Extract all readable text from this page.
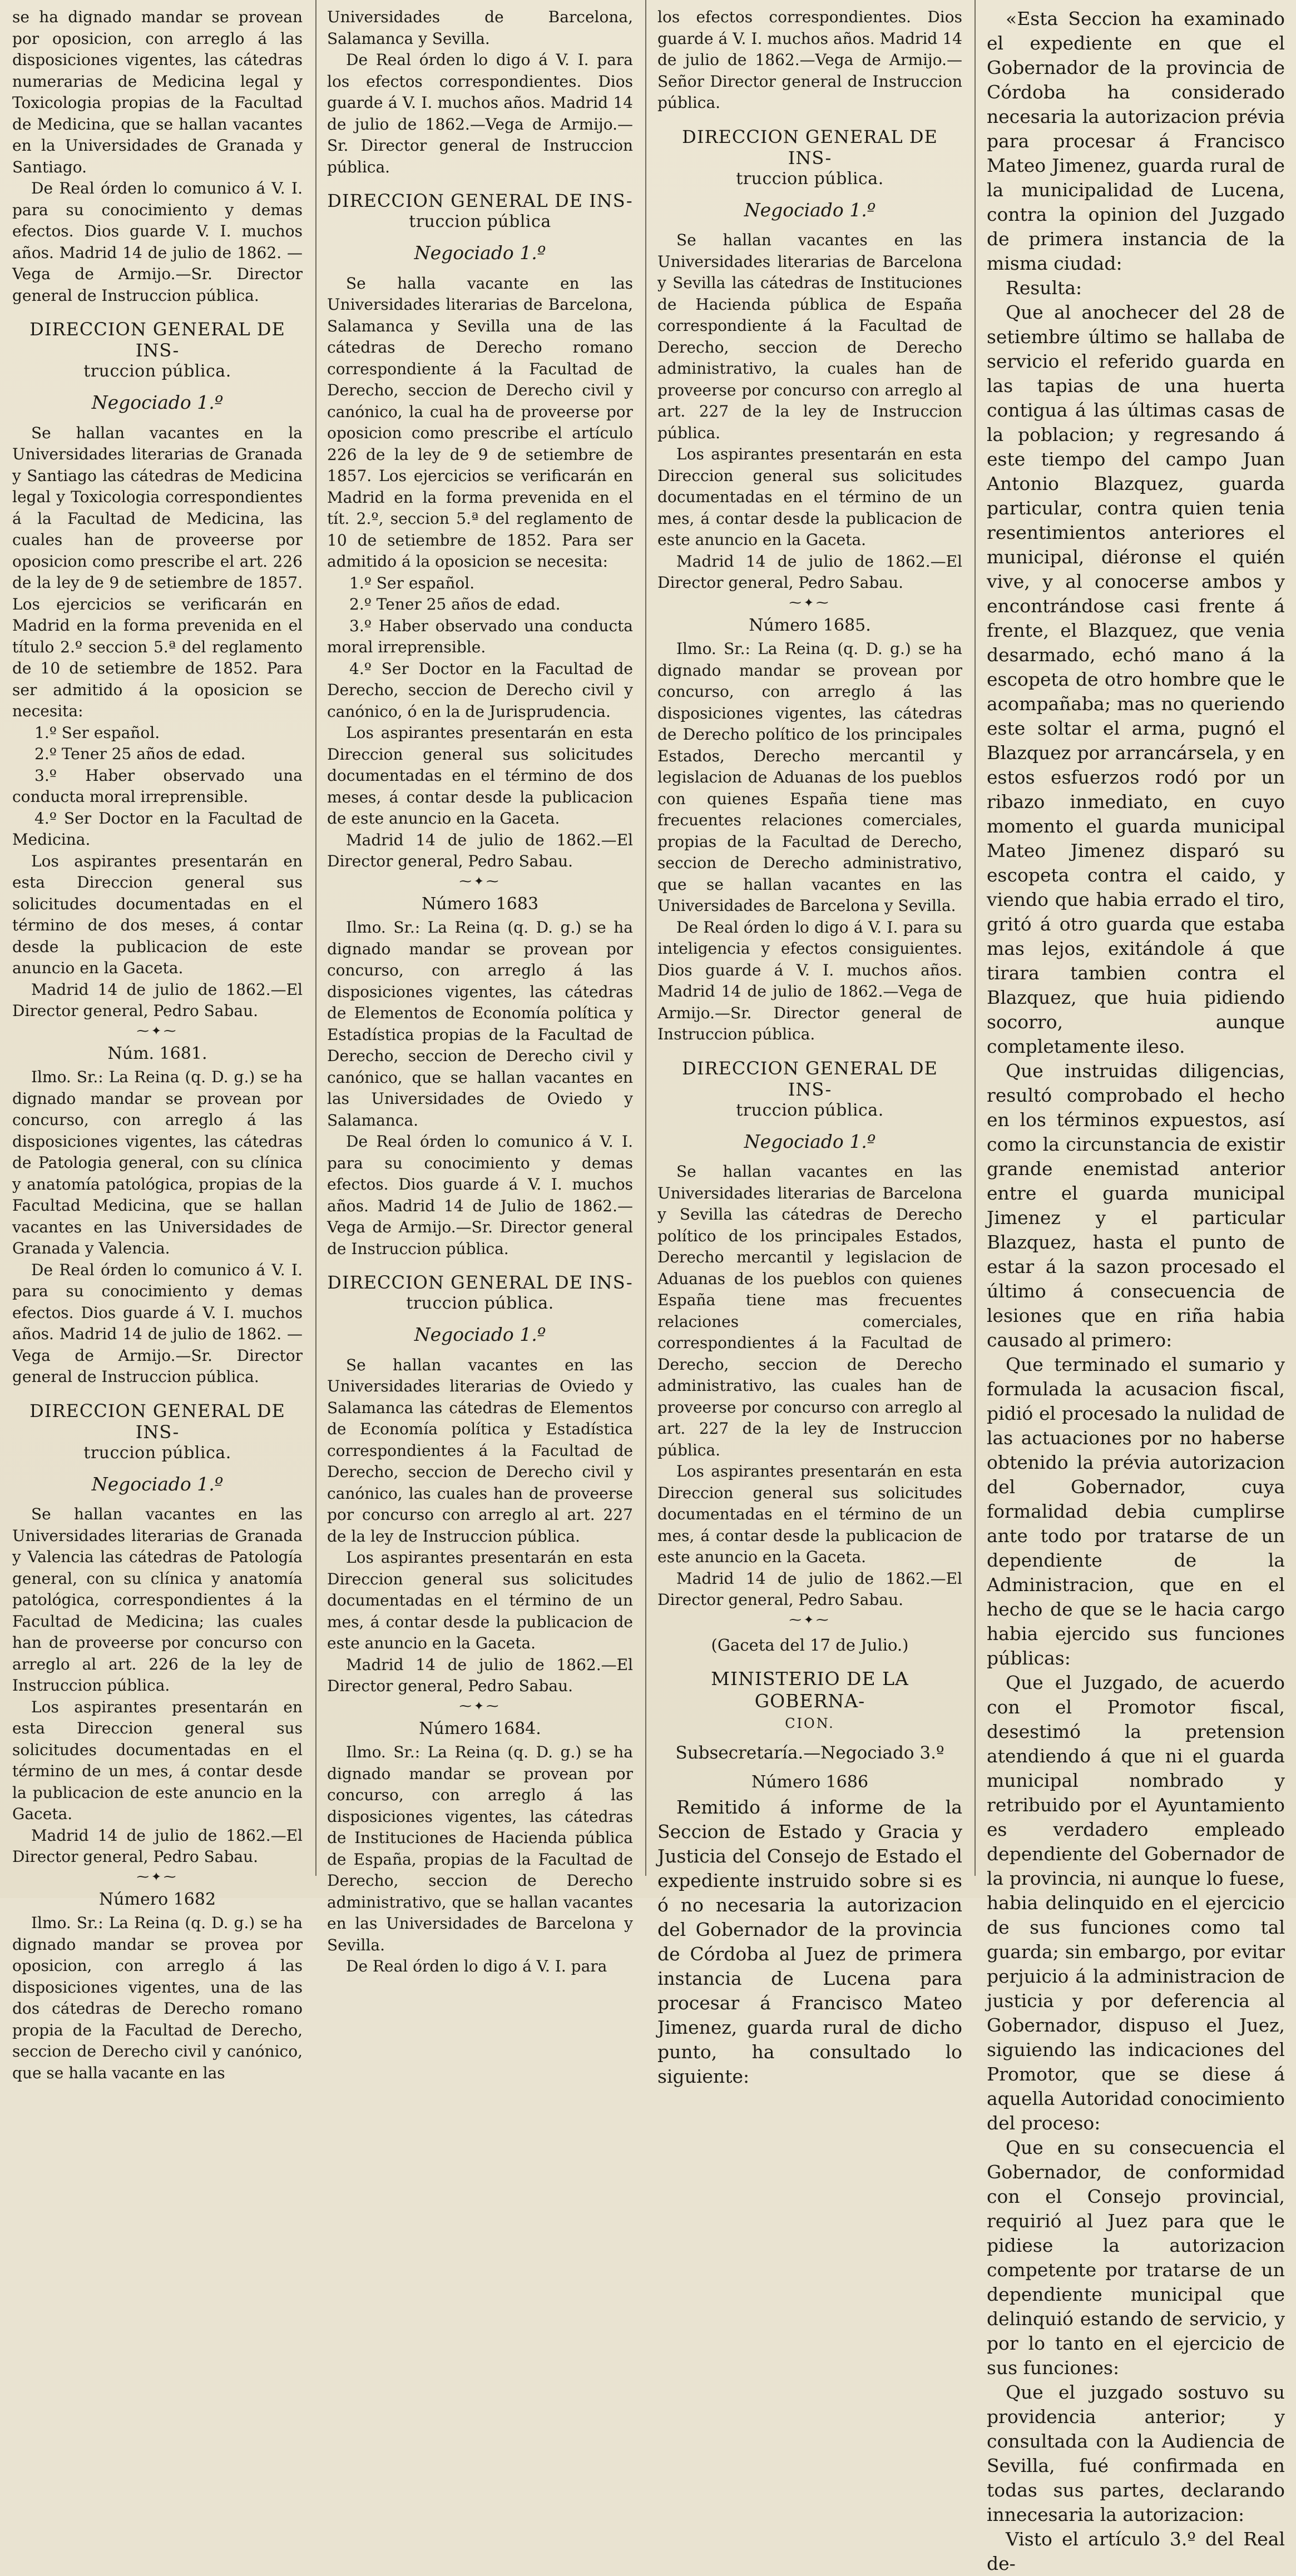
se ha dignado mandar se provean por oposicion, con arreglo á las disposiciones vigentes, las cátedras numerarias de Medicina legal y Toxicologia propias de la Facultad de Medicina, que se hallan vacantes en la Universidades de Granada y Santiago.

De Real órden lo comunico á V. I. para su conocimiento y demas efectos. Dios guarde V. I. muchos años. Madrid 14 de julio de 1862. —Vega de Armijo.—Sr. Director general de Instruccion pública.

DIRECCION GENERAL DE INS-
truccion pública.
Negociado 1.º

Se hallan vacantes en la Universidades literarias de Granada y Santiago las cátedras de Medicina legal y Toxicologia correspondientes á la Facultad de Medicina, las cuales han de proveerse por oposicion como prescribe el art. 226 de la ley de 9 de setiembre de 1857. Los ejercicios se verificarán en Madrid en la forma prevenida en el título 2.º seccion 5.ª del reglamento de 10 de setiembre de 1852. Para ser admitido á la oposicion se necesita:

1.º Ser español.

2.º Tener 25 años de edad.

3.º Haber observado una conducta moral irreprensible.

4.º Ser Doctor en la Facultad de Medicina.

Los aspirantes presentarán en esta Direccion general sus solicitudes documentadas en el término de dos meses, á contar desde la publicacion de este anuncio en la Gaceta.

Madrid 14 de julio de 1862.—El Director general, Pedro Sabau.

⁓✦⁓
Núm. 1681.

Ilmo. Sr.: La Reina (q. D. g.) se ha dignado mandar se provean por concurso, con arreglo á las disposiciones vigentes, las cátedras de Patologia general, con su clínica y anatomía patológica, propias de la Facultad Medicina, que se hallan vacantes en las Universidades de Granada y Valencia.

De Real órden lo comunico á V. I. para su conocimiento y demas efectos. Dios guarde á V. I. muchos años. Madrid 14 de julio de 1862. —Vega de Armijo.—Sr. Director general de Instruccion pública.

DIRECCION GENERAL DE INS-
truccion pública.
Negociado 1.º

Se hallan vacantes en las Universidades literarias de Granada y Valencia las cátedras de Patología general, con su clínica y anatomía patológica, correspondientes á la Facultad de Medicina; las cuales han de proveerse por concurso con arreglo al art. 226 de la ley de Instruccion pública.

Los aspirantes presentarán en esta Direccion general sus solicitudes documentadas en el término de un mes, á contar desde la publicacion de este anuncio en la Gaceta.

Madrid 14 de julio de 1862.—El Director general, Pedro Sabau.

⁓✦⁓
Número 1682

Ilmo. Sr.: La Reina (q. D. g.) se ha dignado mandar se provea por oposicion, con arreglo á las disposiciones vigentes, una de las dos cátedras de Derecho romano propia de la Facultad de Derecho, seccion de Derecho civil y canónico, que se halla vacante en las

Universidades de Barcelona, Salamanca y Sevilla.

De Real órden lo digo á V. I. para los efectos correspondientes. Dios guarde á V. I. muchos años. Madrid 14 de julio de 1862.—Vega de Armijo.—Sr. Director general de Instruccion pública.

DIRECCION GENERAL DE INS-
truccion pública
Negociado 1.º

Se halla vacante en las Universidades literarias de Barcelona, Salamanca y Sevilla una de las cátedras de Derecho romano correspondiente á la Facultad de Derecho, seccion de Derecho civil y canónico, la cual ha de proveerse por oposicion como prescribe el artículo 226 de la ley de 9 de setiembre de 1857. Los ejercicios se verificarán en Madrid en la forma prevenida en el tít. 2.º, seccion 5.ª del reglamento de 10 de setiembre de 1852. Para ser admitido á la oposicion se necesita:

1.º Ser español.

2.º Tener 25 años de edad.

3.º Haber observado una conducta moral irreprensible.

4.º Ser Doctor en la Facultad de Derecho, seccion de Derecho civil y canónico, ó en la de Jurisprudencia.

Los aspirantes presentarán en esta Direccion general sus solicitudes documentadas en el término de dos meses, á contar desde la publicacion de este anuncio en la Gaceta.

Madrid 14 de julio de 1862.—El Director general, Pedro Sabau.

⁓✦⁓
Número 1683

Ilmo. Sr.: La Reina (q. D. g.) se ha dignado mandar se provean por concurso, con arreglo á las disposiciones vigentes, las cátedras de Elementos de Economía política y Estadística propias de la Facultad de Derecho, seccion de Derecho civil y canónico, que se hallan vacantes en las Universidades de Oviedo y Salamanca.

De Real órden lo comunico á V. I. para su conocimiento y demas efectos. Dios guarde á V. I. muchos años. Madrid 14 de Julio de 1862.—Vega de Armijo.—Sr. Director general de Instruccion pública.

DIRECCION GENERAL DE INS-
truccion pública.
Negociado 1.º

Se hallan vacantes en las Universidades literarias de Oviedo y Salamanca las cátedras de Elementos de Economía política y Estadística correspondientes á la Facultad de Derecho, seccion de Derecho civil y canónico, las cuales han de proveerse por concurso con arreglo al art. 227 de la ley de Instruccion pública.

Los aspirantes presentarán en esta Direccion general sus solicitudes documentadas en el término de un mes, á contar desde la publicacion de este anuncio en la Gaceta.

Madrid 14 de julio de 1862.—El Director general, Pedro Sabau.

⁓✦⁓
Número 1684.

Ilmo. Sr.: La Reina (q. D. g.) se ha dignado mandar se provean por concurso, con arreglo á las disposiciones vigentes, las cátedras de Instituciones de Hacienda pública de España, propias de la Facultad de Derecho, seccion de Derecho administrativo, que se hallan vacantes en las Universidades de Barcelona y Sevilla.

De Real órden lo digo á V. I. para

los efectos correspondientes. Dios guarde á V. I. muchos años. Madrid 14 de julio de 1862.—Vega de Armijo.—Señor Director general de Instruccion pública.

DIRECCION GENERAL DE INS-
truccion pública.
Negociado 1.º

Se hallan vacantes en las Universidades literarias de Barcelona y Sevilla las cátedras de Instituciones de Hacienda pública de España correspondiente á la Facultad de Derecho, seccion de Derecho administrativo, la cuales han de proveerse por concurso con arreglo al art. 227 de la ley de Instruccion pública.

Los aspirantes presentarán en esta Direccion general sus solicitudes documentadas en el término de un mes, á contar desde la publicacion de este anuncio en la Gaceta.

Madrid 14 de julio de 1862.—El Director general, Pedro Sabau.

⁓✦⁓
Número 1685.

Ilmo. Sr.: La Reina (q. D. g.) se ha dignado mandar se provean por concurso, con arreglo á las disposiciones vigentes, las cátedras de Derecho político de los principales Estados, Derecho mercantil y legislacion de Aduanas de los pueblos con quienes España tiene mas frecuentes relaciones comerciales, propias de la Facultad de Derecho, seccion de Derecho administrativo, que se hallan vacantes en las Universidades de Barcelona y Sevilla.

De Real órden lo digo á V. I. para su inteligencia y efectos consiguientes. Dios guarde á V. I. muchos años. Madrid 14 de julio de 1862.—Vega de Armijo.—Sr. Director general de Instruccion pública.

DIRECCION GENERAL DE INS-
truccion pública.
Negociado 1.º

Se hallan vacantes en las Universidades literarias de Barcelona y Sevilla las cátedras de Derecho político de los principales Estados, Derecho mercantil y legislacion de Aduanas de los pueblos con quienes España tiene mas frecuentes relaciones comerciales, correspondientes á la Facultad de Derecho, seccion de Derecho administrativo, las cuales han de proveerse por concurso con arreglo al art. 227 de la ley de Instruccion pública.

Los aspirantes presentarán en esta Direccion general sus solicitudes documentadas en el término de un mes, á contar desde la publicacion de este anuncio en la Gaceta.

Madrid 14 de julio de 1862.—El Director general, Pedro Sabau.

⁓✦⁓
(Gaceta del 17 de Julio.)
MINISTERIO DE LA GOBERNA-
CION.
Subsecretaría.—Negociado 3.º
Número 1686

Remitido á informe de la Seccion de Estado y Gracia y Justicia del Consejo de Estado el expediente instruido sobre si es ó no necesaria la autorizacion del Gobernador de la provincia de Córdoba al Juez de primera instancia de Lucena para procesar á Francisco Mateo Jimenez, guarda rural de dicho punto, ha consultado lo siguiente:

«Esta Seccion ha examinado el expediente en que el Gobernador de la provincia de Córdoba ha considerado necesaria la autorizacion prévia para procesar á Francisco Mateo Jimenez, guarda rural de la municipalidad de Lucena, contra la opinion del Juzgado de primera instancia de la misma ciudad:

Resulta:

Que al anochecer del 28 de setiembre último se hallaba de servicio el referido guarda en las tapias de una huerta contigua á las últimas casas de la poblacion; y regresando á este tiempo del campo Juan Antonio Blazquez, guarda particular, contra quien tenia resentimientos anteriores el municipal, diéronse el quién vive, y al conocerse ambos y encontrándose casi frente á frente, el Blazquez, que venia desarmado, echó mano á la escopeta de otro hombre que le acompañaba; mas no queriendo este soltar el arma, pugnó el Blazquez por arrancársela, y en estos esfuerzos rodó por un ribazo inmediato, en cuyo momento el guarda municipal Mateo Jimenez disparó su escopeta contra el caido, y viendo que habia errado el tiro, gritó á otro guarda que estaba mas lejos, exitándole á que tirara tambien contra el Blazquez, que huia pidiendo socorro, aunque completamente ileso.

Que instruidas diligencias, resultó comprobado el hecho en los términos expuestos, así como la circunstancia de existir grande enemistad anterior entre el guarda municipal Jimenez y el particular Blazquez, hasta el punto de estar á la sazon procesado el último á consecuencia de lesiones que en riña habia causado al primero:

Que terminado el sumario y formulada la acusacion fiscal, pidió el procesado la nulidad de las actuaciones por no haberse obtenido la prévia autorizacion del Gobernador, cuya formalidad debia cumplirse ante todo por tratarse de un dependiente de la Administracion, que en el hecho de que se le hacia cargo habia ejercido sus funciones públicas:

Que el Juzgado, de acuerdo con el Promotor fiscal, desestimó la pretension atendiendo á que ni el guarda municipal nombrado y retribuido por el Ayuntamiento es verdadero empleado dependiente del Gobernador de la provincia, ni aunque lo fuese, habia delinquido en el ejercicio de sus funciones como tal guarda; sin embargo, por evitar perjuicio á la administracion de justicia y por deferencia al Gobernador, dispuso el Juez, siguiendo las indicaciones del Promotor, que se diese á aquella Autoridad conocimiento del proceso:

Que en su consecuencia el Gobernador, de conformidad con el Consejo provincial, requirió al Juez para que le pidiese la autorizacion competente por tratarse de un dependiente municipal que delinquió estando de servicio, y por lo tanto en el ejercicio de sus funciones:

Que el juzgado sostuvo su providencia anterior; y consultada con la Audiencia de Sevilla, fué confirmada en todas sus partes, declarando innecesaria la autorizacion:

Visto el artículo 3.º del Real de-
